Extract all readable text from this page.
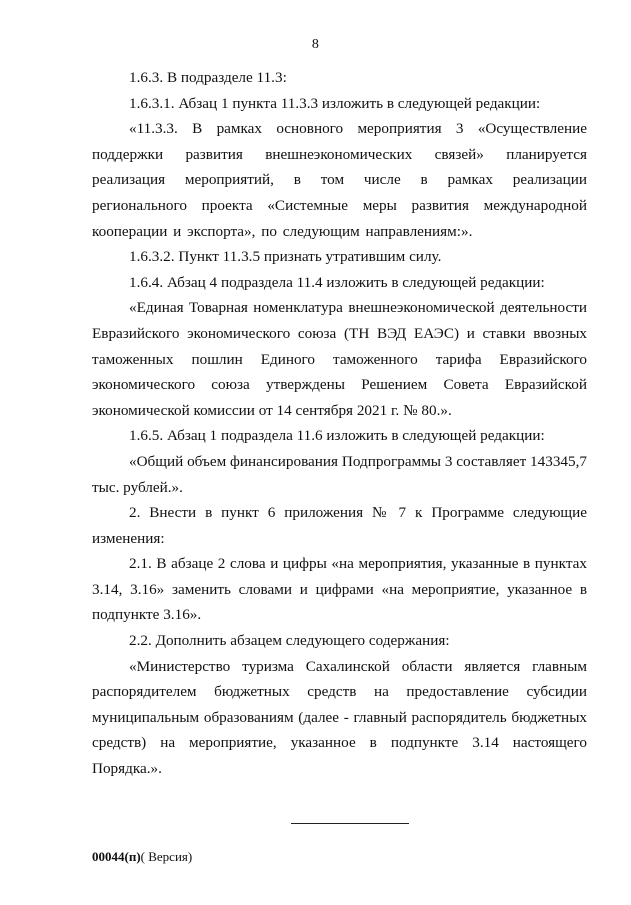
8

1.6.3. В подразделе 11.3:

1.6.3.1. Абзац 1 пункта 11.3.3 изложить в следующей редакции:

«11.3.3. В рамках основного мероприятия 3 «Осуществление поддержки развития внешнеэкономических связей» планируется реализация мероприятий, в том числе в рамках реализации регионального проекта «Системные меры развития международной кооперации и экспорта», по следующим направлениям:».

1.6.3.2. Пункт 11.3.5 признать утратившим силу.

1.6.4. Абзац 4 подраздела 11.4 изложить в следующей редакции:

«Единая Товарная номенклатура внешнеэкономической деятельности Евразийского экономического союза (ТН ВЭД ЕАЭС) и ставки ввозных таможенных пошлин Единого таможенного тарифа Евразийского экономического союза утверждены Решением Совета Евразийской экономической комиссии от 14 сентября 2021 г. № 80.».

1.6.5. Абзац 1 подраздела 11.6 изложить в следующей редакции:

«Общий объем финансирования Подпрограммы 3 составляет 143345,7 тыс. рублей.».

2. Внести в пункт 6 приложения № 7 к Программе следующие изменения:

2.1. В абзаце 2 слова и цифры «на мероприятия, указанные в пунктах 3.14, 3.16» заменить словами и цифрами «на мероприятие, указанное в подпункте 3.16».

2.2. Дополнить абзацем следующего содержания:

«Министерство туризма Сахалинской области является главным распорядителем бюджетных средств на предоставление субсидии муниципальным образованиям (далее - главный распорядитель бюджетных средств) на мероприятие, указанное в подпункте 3.14 настоящего Порядка.».

00044(п)( Версия)
